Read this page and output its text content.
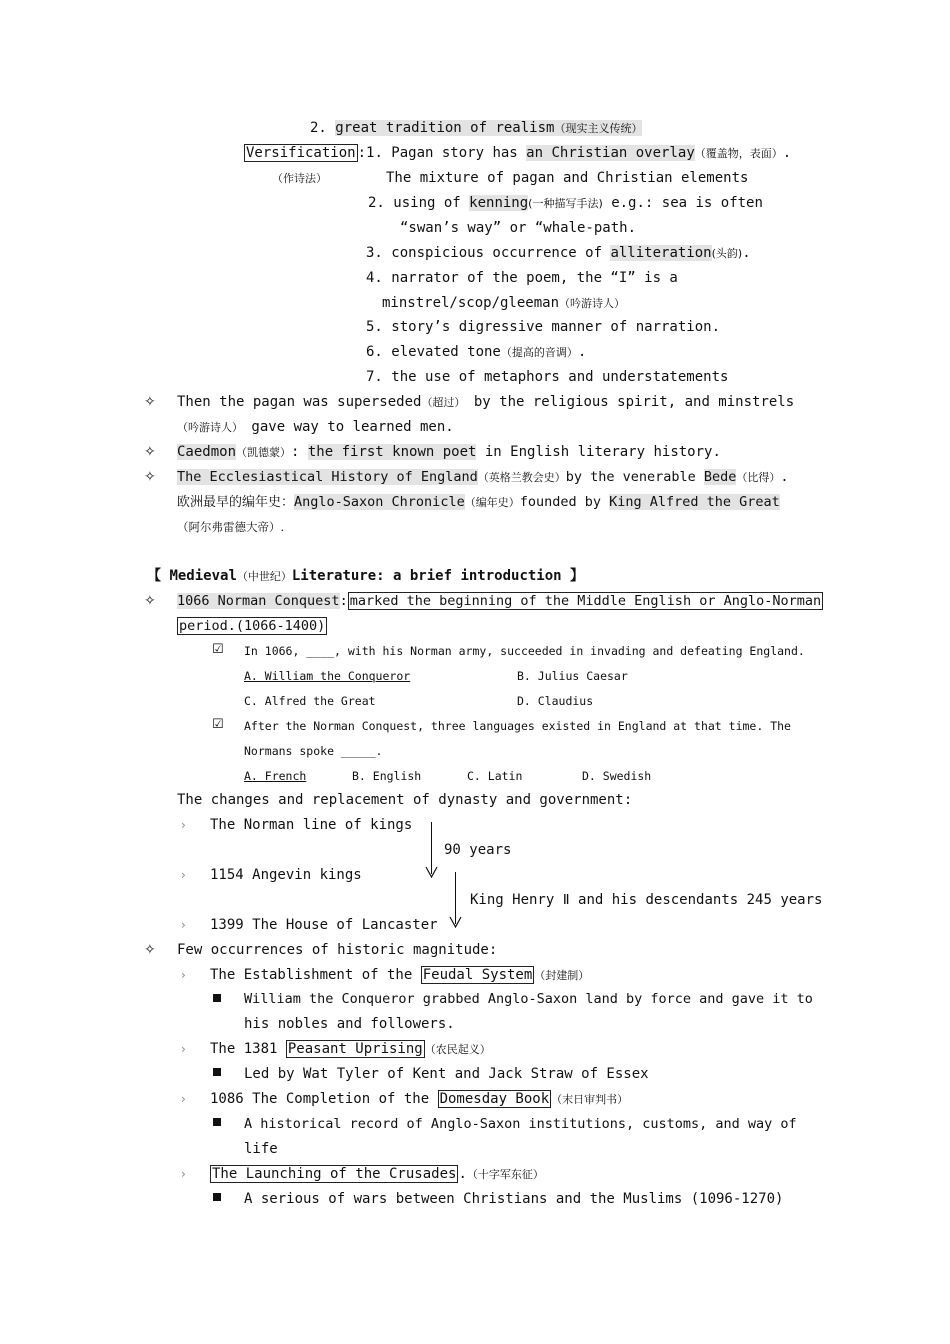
2. great tradition of realism（现实主义传统）
Versification :1. Pagan story has an Christian overlay（覆盖物，表面）.
（作诗法）	The mixture of pagan and Christian elements
2. using of kenning(一种描写手法) e.g.: sea is often
“swan’s way” or “whale-path.
3. conspicious occurrence of alliteration(头韵).
4. narrator of the poem, the “I” is a
minstrel/scop/gleeman（吟游诗人）
5. story’s digressive manner of narration.
6. elevated tone（提高的音调）.
7. the use of metaphors and understatements
✧ Then the pagan was superseded（超过） by the religious spirit, and minstrels
（吟游诗人） gave way to learned men.
✧ Caedmon（凯德蒙）: the first known poet in English literary history.
✧ The Ecclesiastical History of England（英格兰教会史）by the venerable Bede（比得）.
欧洲最早的编年史：Anglo-Saxon Chronicle（编年史）founded by King Alfred the Great
（阿尔弗雷德大帝）.
【 Medieval（中世纪）Literature: a brief introduction 】
✧ 1066 Norman Conquest: marked the beginning of the Middle English or Anglo-Norman
period.(1066-1400)
☑ In 1066, ____, with his Norman army, succeeded in invading and defeating England.
A. William the Conqueror	B. Julius Caesar
C. Alfred the Great	D. Claudius
☑ After the Norman Conquest, three languages existed in England at that time. The
Normans spoke _____.
A. French	B. English	C. Latin	D. Swedish
The changes and replacement of dynasty and government:
› The Norman line of kings
90 years
› 1154 Angevin kings
King Henry Ⅱ and his descendants 245 years
› 1399 The House of Lancaster
✧ Few occurrences of historic magnitude:
› The Establishment of the Feudal System （封建制）
William the Conqueror grabbed Anglo-Saxon land by force and gave it to
his nobles and followers.
› The 1381 Peasant Uprising （农民起义）
Led by Wat Tyler of Kent and Jack Straw of Essex
› 1086 The Completion of the Domesday Book （末日审判书）
A historical record of Anglo-Saxon institutions, customs, and way of
life
› The Launching of the Crusades .（十字军东征）
A serious of wars between Christians and the Muslims (1096-1270)
